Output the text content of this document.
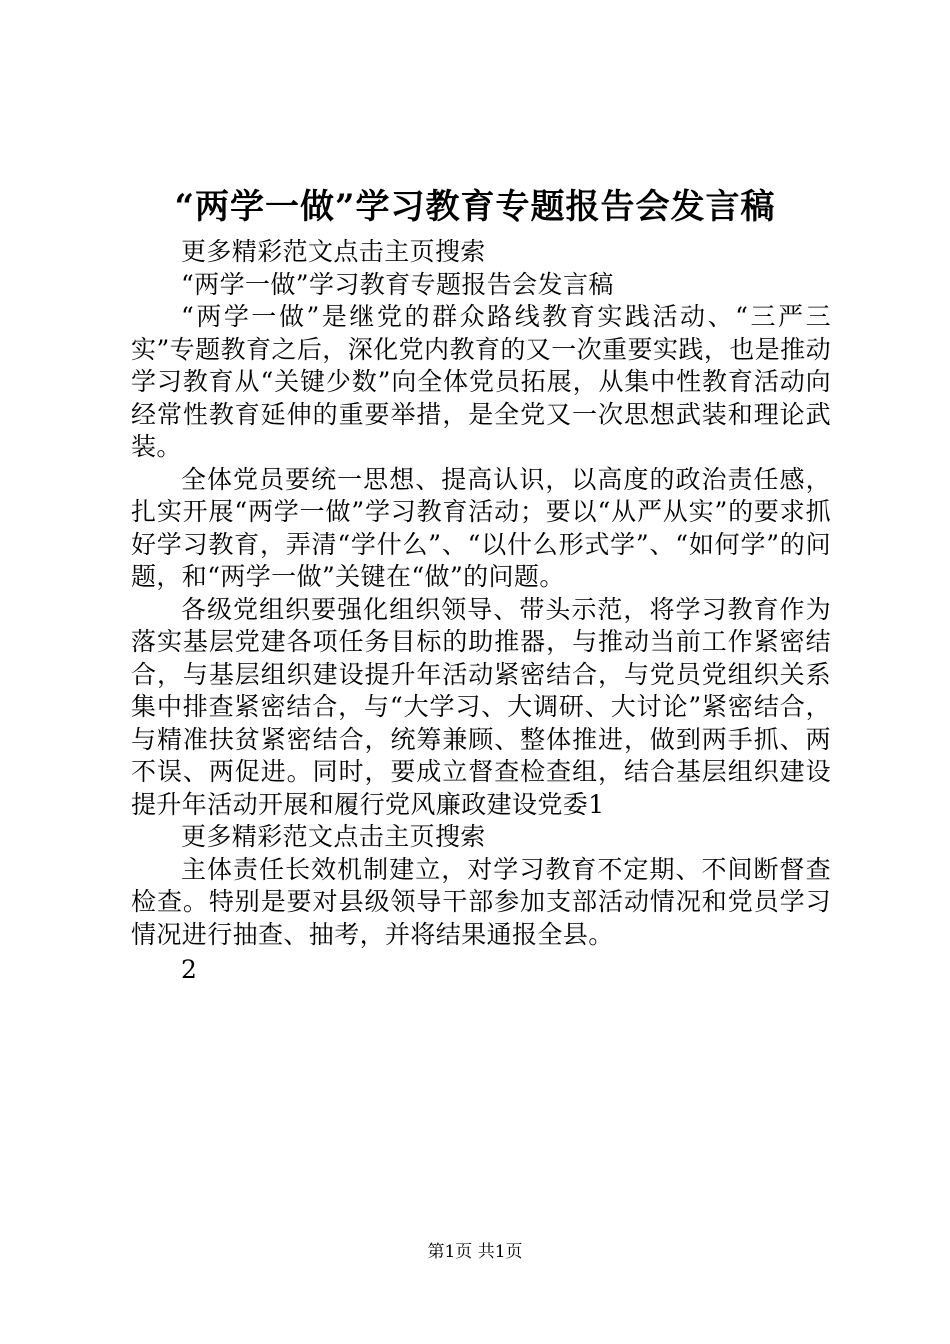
“两学一做”学习教育专题报告会发言稿

更多精彩范文点击主页搜索

“两学一做”学习教育专题报告会发言稿

“两学一做”是继党的群众路线教育实践活动、“三严三实”专题教育之后，深化党内教育的又一次重要实践，也是推动学习教育从“关键少数”向全体党员拓展，从集中性教育活动向经常性教育延伸的重要举措，是全党又一次思想武装和理论武装。

全体党员要统一思想、提高认识，以高度的政治责任感，扎实开展“两学一做”学习教育活动；要以“从严从实”的要求抓好学习教育，弄清“学什么”、“以什么形式学”、“如何学”的问题，和“两学一做”关键在“做”的问题。

各级党组织要强化组织领导、带头示范，将学习教育作为落实基层党建各项任务目标的助推器，与推动当前工作紧密结合，与基层组织建设提升年活动紧密结合，与党员党组织关系集中排查紧密结合，与“大学习、大调研、大讨论”紧密结合，与精准扶贫紧密结合，统筹兼顾、整体推进，做到两手抓、两不误、两促进。同时，要成立督查检查组，结合基层组织建设提升年活动开展和履行党风廉政建设党委1

更多精彩范文点击主页搜索

主体责任长效机制建立，对学习教育不定期、不间断督查检查。特别是要对县级领导干部参加支部活动情况和党员学习情况进行抽查、抽考，并将结果通报全县。

2

第1页 共1页
